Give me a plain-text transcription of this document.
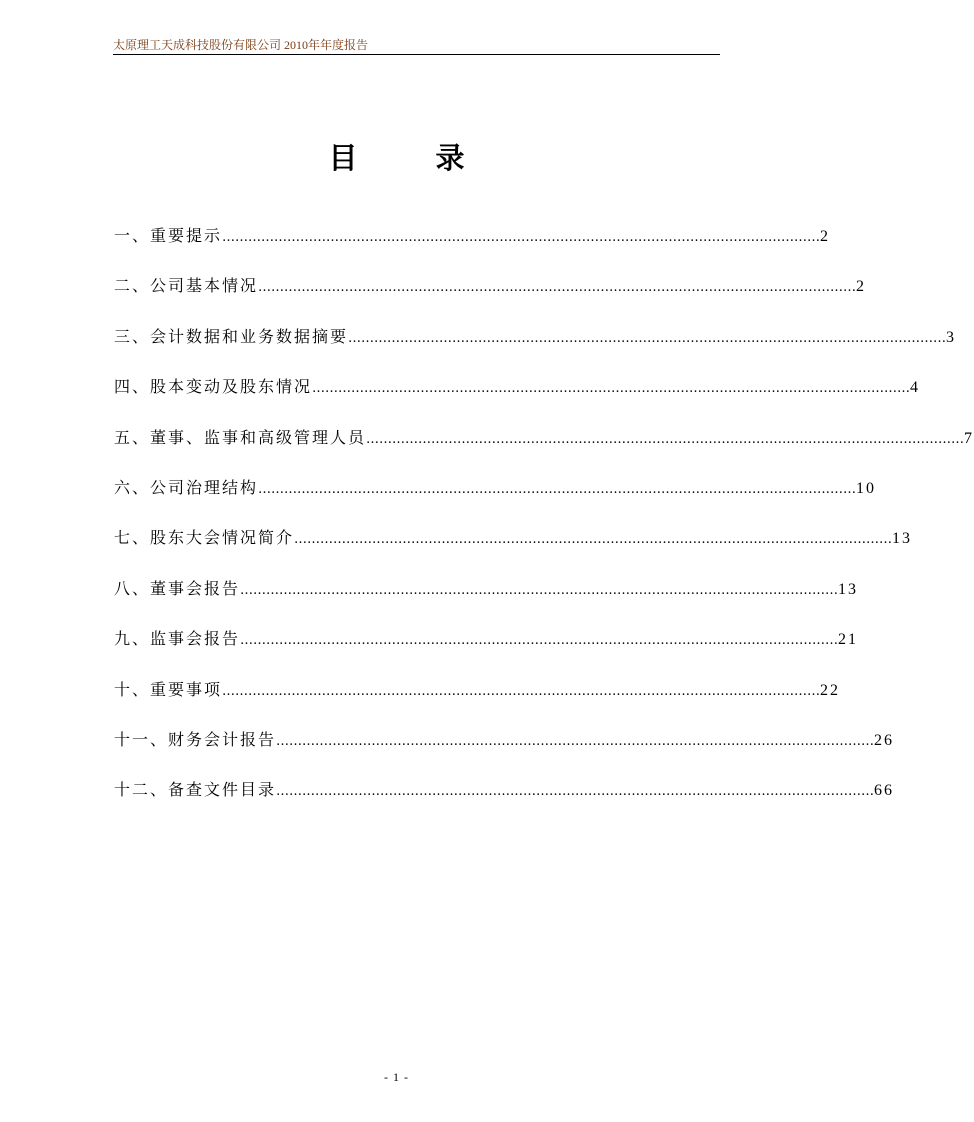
太原理工天成科技股份有限公司 2010年年度报告
目 录
一、重要提示 ………………………………………………………………………………………………………………………… 2
二、公司基本情况 ………………………………………………………………………………………………………………………… 2
三、会计数据和业务数据摘要 ………………………………………………………………………………………………………………………… 3
四、股本变动及股东情况 ………………………………………………………………………………………………………………………… 4
五、董事、监事和高级管理人员 ………………………………………………………………………………………………………………………… 7
六、公司治理结构 ………………………………………………………………………………………………………………………… 10
七、股东大会情况简介 ………………………………………………………………………………………………………………………… 13
八、董事会报告 ………………………………………………………………………………………………………………………… 13
九、监事会报告 ………………………………………………………………………………………………………………………… 21
十、重要事项 ………………………………………………………………………………………………………………………… 22
十一、财务会计报告 ………………………………………………………………………………………………………………………… 26
十二、备查文件目录 ………………………………………………………………………………………………………………………… 66
- 1 -
